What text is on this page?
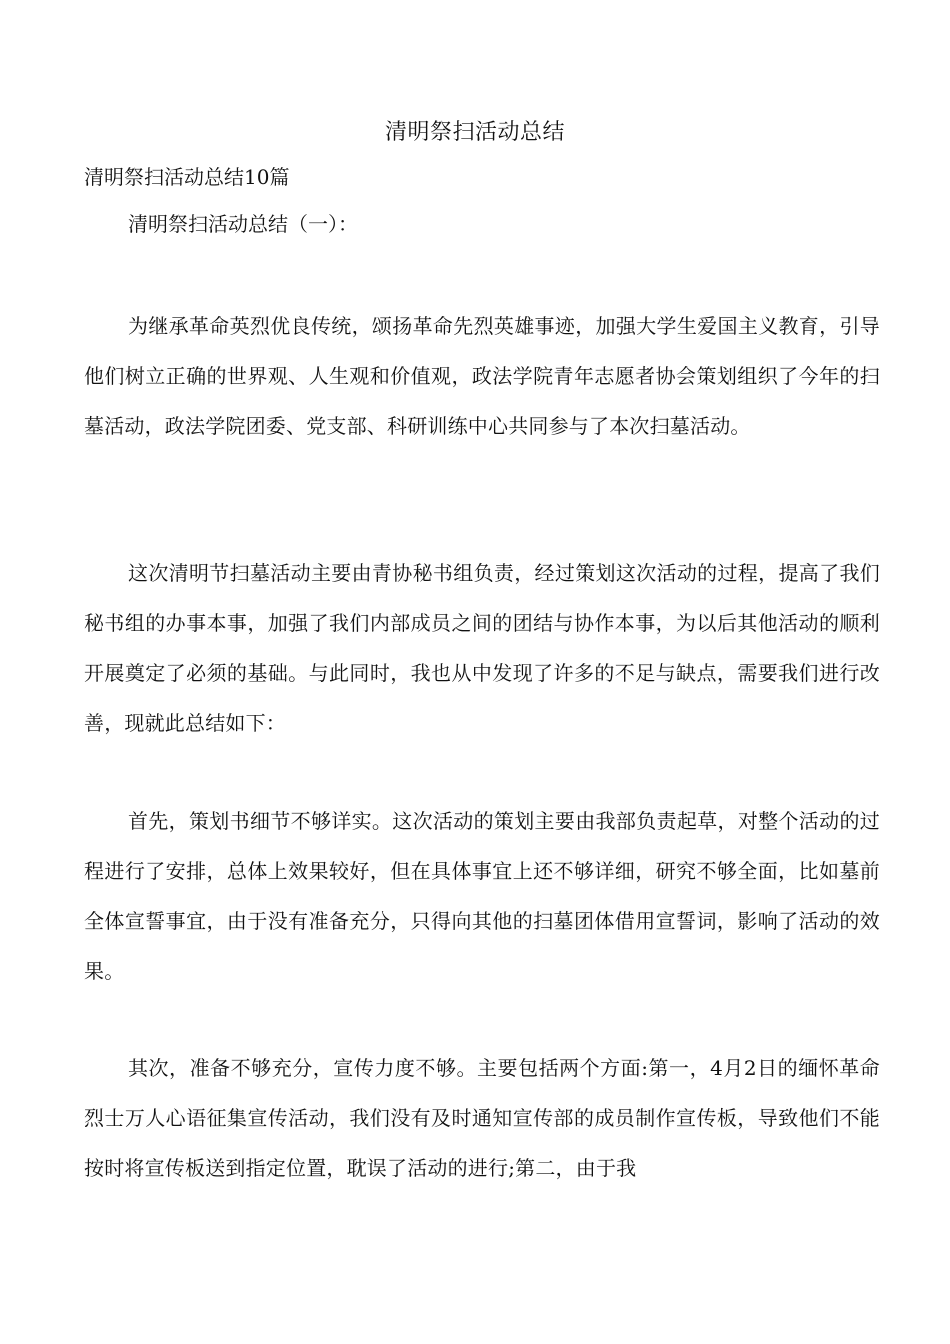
清明祭扫活动总结
清明祭扫活动总结10篇
清明祭扫活动总结（一）：

为继承革命英烈优良传统，颂扬革命先烈英雄事迹，加强大学生爱国主义教育，引导他们树立正确的世界观、人生观和价值观，政法学院青年志愿者协会策划组织了今年的扫墓活动，政法学院团委、党支部、科研训练中心共同参与了本次扫墓活动。

这次清明节扫墓活动主要由青协秘书组负责，经过策划这次活动的过程，提高了我们秘书组的办事本事，加强了我们内部成员之间的团结与协作本事，为以后其他活动的顺利开展奠定了必须的基础。与此同时，我也从中发现了许多的不足与缺点，需要我们进行改善，现就此总结如下：

首先，策划书细节不够详实。这次活动的策划主要由我部负责起草，对整个活动的过程进行了安排，总体上效果较好，但在具体事宜上还不够详细，研究不够全面，比如墓前全体宣誓事宜，由于没有准备充分，只得向其他的扫墓团体借用宣誓词，影响了活动的效果。

其次，准备不够充分，宣传力度不够。主要包括两个方面:第一，4月2日的缅怀革命烈士万人心语征集宣传活动，我们没有及时通知宣传部的成员制作宣传板，导致他们不能按时将宣传板送到指定位置，耽误了活动的进行;第二，由于我
